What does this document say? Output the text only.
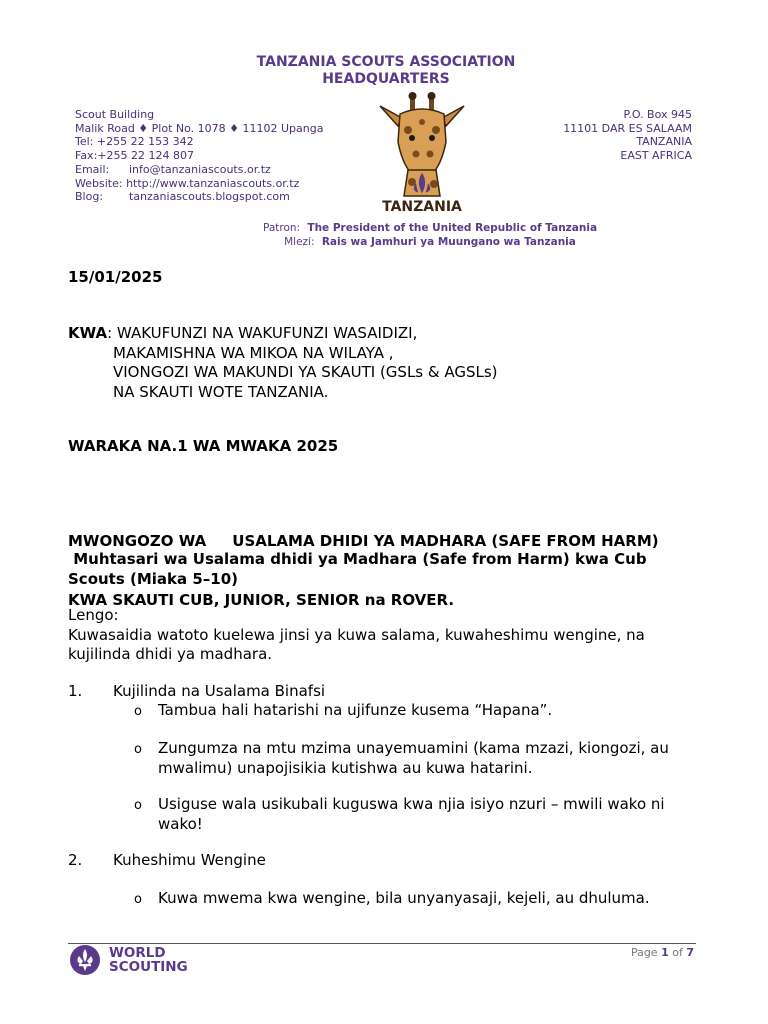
TANZANIA SCOUTS ASSOCIATION
HEADQUARTERS
Scout Building
Malik Road ♦ Plot No. 1078 ♦ 11102 Upanga
Tel: +255 22 153 342
Fax:+255 22 124 807
Email: info@tanzaniascouts.or.tz
Website: http://www.tanzaniascouts.or.tz
Blog: tanzaniascouts.blogspot.com
TANZANIA
P.O. Box 945
11101 DAR ES SALAAM
TANZANIA
EAST AFRICA
Patron: The President of the United Republic of Tanzania
Mlezi: Rais wa Jamhuri ya Muungano wa Tanzania
15/01/2025
KWA: WAKUFUNZI NA WAKUFUNZI WASAIDIZI,
MAKAMISHNA WA MIKOA NA WILAYA ,
VIONGOZI WA MAKUNDI YA SKAUTI (GSLs & AGSLs)
NA SKAUTI WOTE TANZANIA.
WARAKA NA.1 WA MWAKA 2025

MWONGOZO WA     USALAMA DHIDI YA MADHARA (SAFE FROM HARM)

KWA SKAUTI CUB, JUNIOR, SENIOR na ROVER.

Muhtasari wa Usalama dhidi ya Madhara (Safe from Harm) kwa Cub
Scouts (Miaka 5–10)
Lengo:
Kuwasaidia watoto kuelewa jinsi ya kuwa salama, kuwaheshimu wengine, na
kujilinda dhidi ya madhara.
1. Kujilinda na Usalama Binafsi
o Tambua hali hatarishi na ujifunze kusema “Hapana”.
o Zungumza na mtu mzima unayemuamini (kama mzazi, kiongozi, au
mwalimu) unapojisikia kutishwa au kuwa hatarini.
o Usiguse wala usikubali kuguswa kwa njia isiyo nzuri – mwili wako ni
wako!
2. Kuheshimu Wengine
o Kuwa mwema kwa wengine, bila unyanyasaji, kejeli, au dhuluma.
WORLD
SCOUTING
Page 1 of 7
